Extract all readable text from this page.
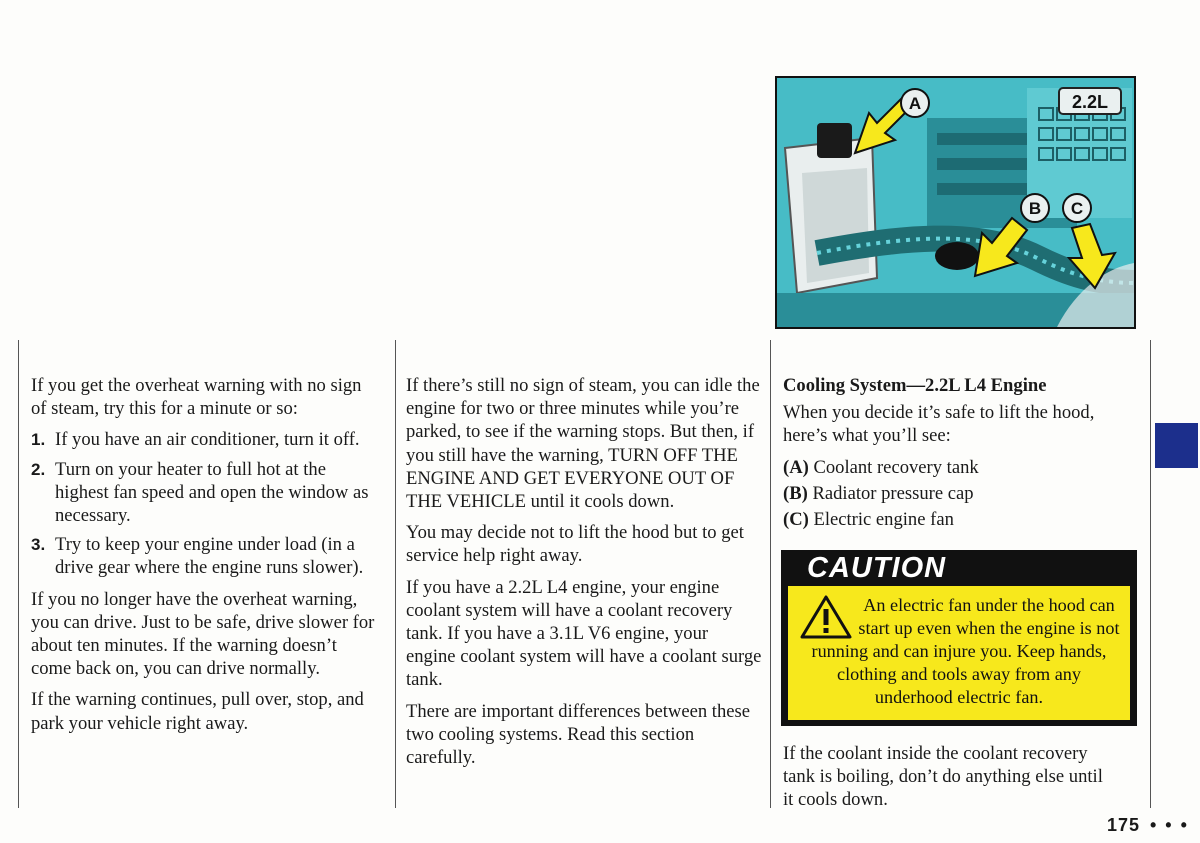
If you get the overheat warning with no sign of steam, try this for a minute or so:

1. If you have an air conditioner, turn it off.
2. Turn on your heater to full hot at the highest fan speed and open the window as necessary.
3. Try to keep your engine under load (in a drive gear where the engine runs slower).

If you no longer have the overheat warning, you can drive. Just to be safe, drive slower for about ten minutes. If the warning doesn’t come back on, you can drive normally.

If the warning continues, pull over, stop, and park your vehicle right away.

If there’s still no sign of steam, you can idle the engine for two or three minutes while you’re parked, to see if the warning stops. But then, if you still have the warning, TURN OFF THE ENGINE AND GET EVERYONE OUT OF THE VEHICLE until it cools down.

You may decide not to lift the hood but to get service help right away.

If you have a 2.2L L4 engine, your engine coolant system will have a coolant recovery tank. If you have a 3.1L V6 engine, your engine coolant system will have a coolant surge tank.

There are important differences between these two cooling systems. Read this section carefully.

2.2L
A
B C
Cooling System—2.2L L4 Engine

When you decide it’s safe to lift the hood, here’s what you’ll see:

(A) Coolant recovery tank
(B) Radiator pressure cap
(C) Electric engine fan
CAUTION
An electric fan under the hood can start up even when the engine is not running and can injure you. Keep hands, clothing and tools away from any underhood electric fan.

If the coolant inside the coolant recovery tank is boiling, don’t do anything else until it cools down.

175 • • •
